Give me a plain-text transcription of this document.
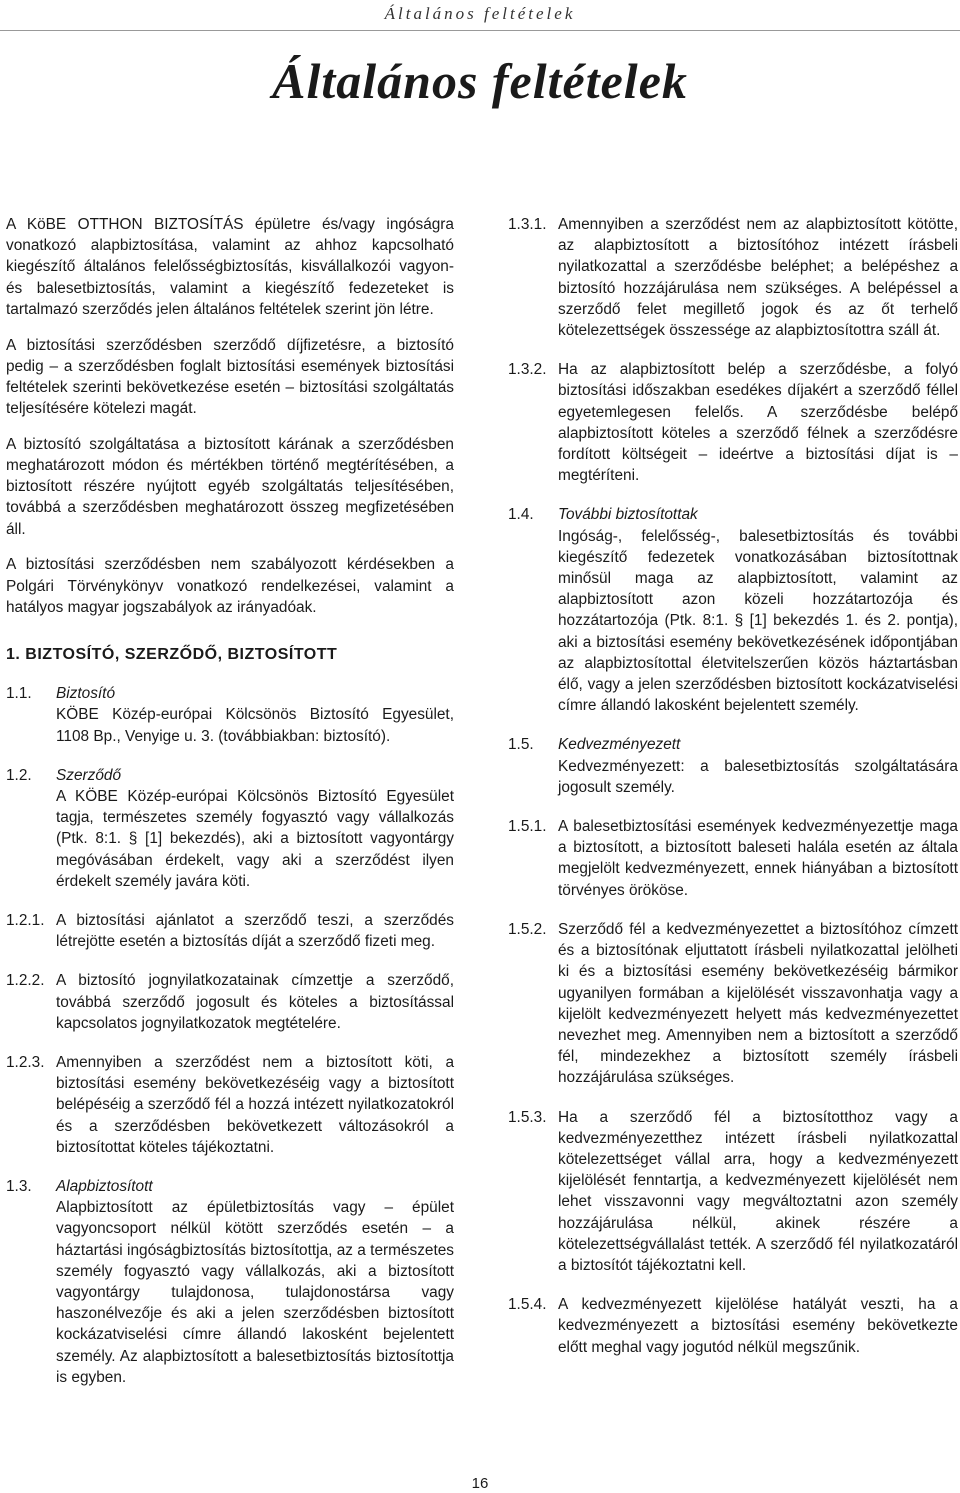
Általános feltételek
Általános feltételek

A KöBE OTTHON BIZTOSÍTÁS épületre és/vagy ingóságra vonatkozó alapbiztosítása, valamint az ahhoz kapcsolható kiegészítő általános felelősségbiztosítás, kisvállalkozói vagyon- és balesetbiztosítás, valamint a kiegészítő fedezeteket is tartalmazó szerződés jelen általános feltételek szerint jön létre.

A biztosítási szerződésben szerződő díjfizetésre, a biztosító pedig – a szerződésben foglalt biztosítási események biztosítási feltételek szerinti bekövetkezése esetén – biztosítási szolgáltatás teljesítésére kötelezi magát.

A biztosító szolgáltatása a biztosított kárának a szerződésben meghatározott módon és mértékben történő megtérítésében, a biztosított részére nyújtott egyéb szolgáltatás teljesítésében, továbbá a szerződésben meghatározott összeg megfizetésében áll.

A biztosítási szerződésben nem szabályozott kérdésekben a Polgári Törvénykönyv vonatkozó rendelkezései, valamint a hatályos magyar jogszabályok az irányadóak.

1. BIZTOSÍTÓ, SZERZŐDŐ, BIZTOSÍTOTT
1.1.	Biztosító
KÖBE Közép-európai Kölcsönös Biztosító Egyesület, 1108 Bp., Venyige u. 3. (továbbiakban: biztosító).
1.2.	Szerződő
A KÖBE Közép-európai Kölcsönös Biztosító Egyesület tagja, természetes személy fogyasztó vagy vállalkozás (Ptk. 8:1. § [1] bekezdés), aki a biztosított vagyontárgy megóvásában érdekelt, vagy aki a szerződést ilyen érdekelt személy javára köti.
1.2.1. A biztosítási ajánlatot a szerződő teszi, a szerződés létrejötte esetén a biztosítás díját a szerződő fizeti meg.
1.2.2. A biztosító jognyilatkozatainak címzettje a szerződő, továbbá szerződő jogosult és köteles a biztosítással kapcsolatos jognyilatkozatok megtételére.
1.2.3. Amennyiben a szerződést nem a biztosított köti, a biztosítási esemény bekövetkezéséig vagy a biztosított belépéséig a szerződő fél a hozzá intézett nyilatkozatokról és a szerződésben bekövetkezett változásokról a biztosítottat köteles tájékoztatni.
1.3.	Alapbiztosított
Alapbiztosított az épületbiztosítás vagy – épület vagyoncsoport nélkül kötött szerződés esetén – a háztartási ingóságbiztosítás biztosítottja, az a természetes személy fogyasztó vagy vállalkozás, aki a biztosított vagyontárgy tulajdonosa, tulajdonostársa vagy haszonélvezője és aki a jelen szerződésben biztosított kockázatviselési címre állandó lakosként bejelentett személy. Az alapbiztosított a balesetbiztosítás biztosítottja is egyben.
1.3.1. Amennyiben a szerződést nem az alapbiztosított kötötte, az alapbiztosított a biztosítóhoz intézett írásbeli nyilatkozattal a szerződésbe beléphet; a belépéshez a biztosító hozzájárulása nem szükséges. A belépéssel a szerződő felet megillető jogok és az őt terhelő kötelezettségek összessége az alapbiztosítottra száll át.
1.3.2. Ha az alapbiztosított belép a szerződésbe, a folyó biztosítási időszakban esedékes díjakért a szerződő féllel egyetemlegesen felelős. A szerződésbe belépő alapbiztosított köteles a szerződő félnek a szerződésre fordított költségeit – ideértve a biztosítási díjat is – megtéríteni.
1.4.	További biztosítottak
Ingóság-, felelősség-, balesetbiztosítás és további kiegészítő fedezetek vonatkozásában biztosítottnak minősül maga az alapbiztosított, valamint az alapbiztosított azon közeli hozzátartozója és hozzátartozója (Ptk. 8:1. § [1] bekezdés 1. és 2. pontja), aki a biztosítási esemény bekövetkezésének időpontjában az alapbiztosítottal életvitelszerűen közös háztartásban élő, vagy a jelen szerződésben biztosított kockázatviselési címre állandó lakosként bejelentett személy.
1.5.	Kedvezményezett
Kedvezményezett: a balesetbiztosítás szolgáltatására jogosult személy.
1.5.1. A balesetbiztosítási események kedvezményezettje maga a biztosított, a biztosított baleseti halála esetén az általa megjelölt kedvezményezett, ennek hiányában a biztosított törvényes örököse.
1.5.2. Szerződő fél a kedvezményezettet a biztosítóhoz címzett és a biztosítónak eljuttatott írásbeli nyilatkozattal jelölheti ki és a biztosítási esemény bekövetkezéséig bármikor ugyanilyen formában a kijelölését visszavonhatja vagy a kijelölt kedvezményezett helyett más kedvezményezettet nevezhet meg. Amennyiben nem a biztosított a szerződő fél, mindezekhez a biztosított személy írásbeli hozzájárulása szükséges.
1.5.3. Ha a szerződő fél a biztosítotthoz vagy a kedvezményezetthez intézett írásbeli nyilatkozattal kötelezettséget vállal arra, hogy a kedvezményezett kijelölését fenntartja, a kedvezményezett kijelölését nem lehet visszavonni vagy megváltoztatni azon személy hozzájárulása nélkül, akinek részére a kötelezettségvállalást tették. A szerződő fél nyilatkozatáról a biztosítót tájékoztatni kell.
1.5.4. A kedvezményezett kijelölése hatályát veszti, ha a kedvezményezett a biztosítási esemény bekövetkezte előtt meghal vagy jogutód nélkül megszűnik.
16
